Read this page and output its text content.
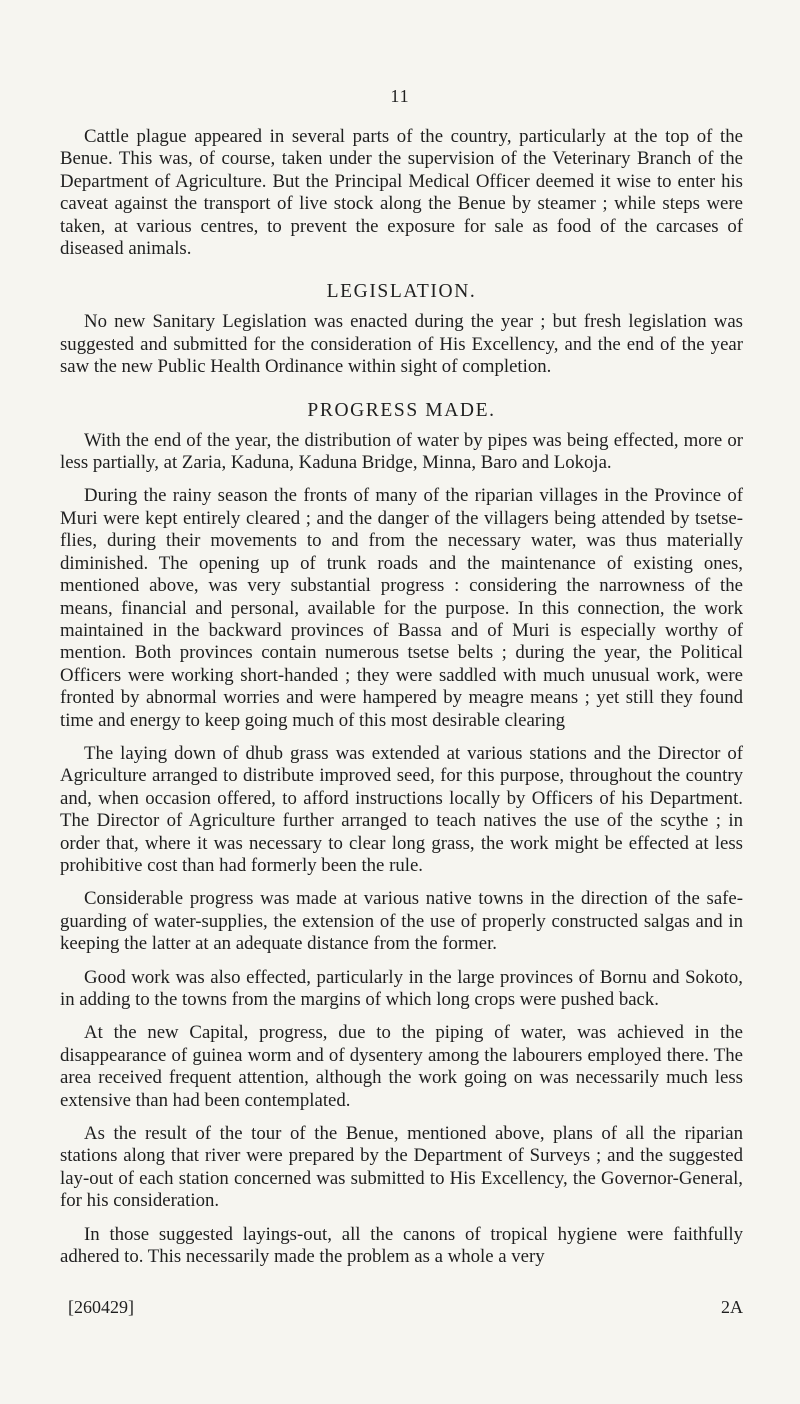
11

Cattle plague appeared in several parts of the country, particularly at the top of the Benue. This was, of course, taken under the supervision of the Veterinary Branch of the Department of Agriculture. But the Principal Medical Officer deemed it wise to enter his caveat against the transport of live stock along the Benue by steamer ; while steps were taken, at various centres, to prevent the exposure for sale as food of the carcases of diseased animals.

LEGISLATION.

No new Sanitary Legislation was enacted during the year ; but fresh legislation was suggested and submitted for the consideration of His Excellency, and the end of the year saw the new Public Health Ordinance within sight of completion.

PROGRESS MADE.

With the end of the year, the distribution of water by pipes was being effected, more or less partially, at Zaria, Kaduna, Kaduna Bridge, Minna, Baro and Lokoja.

During the rainy season the fronts of many of the riparian villages in the Province of Muri were kept entirely cleared ; and the danger of the villagers being attended by tsetse-flies, during their movements to and from the necessary water, was thus materially diminished. The opening up of trunk roads and the maintenance of existing ones, mentioned above, was very substantial progress : considering the narrowness of the means, financial and personal, available for the purpose. In this connection, the work maintained in the backward provinces of Bassa and of Muri is especially worthy of mention. Both provinces contain numerous tsetse belts ; during the year, the Political Officers were working short-handed ; they were saddled with much unusual work, were fronted by abnormal worries and were hampered by meagre means ; yet still they found time and energy to keep going much of this most desirable clearing

The laying down of dhub grass was extended at various stations and the Director of Agriculture arranged to distribute improved seed, for this purpose, throughout the country and, when occasion offered, to afford instructions locally by Officers of his Department. The Director of Agriculture further arranged to teach natives the use of the scythe ; in order that, where it was necessary to clear long grass, the work might be effected at less prohibitive cost than had formerly been the rule.

Considerable progress was made at various native towns in the direction of the safe-guarding of water-supplies, the extension of the use of properly constructed salgas and in keeping the latter at an adequate distance from the former.

Good work was also effected, particularly in the large provinces of Bornu and Sokoto, in adding to the towns from the margins of which long crops were pushed back.

At the new Capital, progress, due to the piping of water, was achieved in the disappearance of guinea worm and of dysentery among the labourers employed there. The area received frequent attention, although the work going on was necessarily much less extensive than had been contemplated.

As the result of the tour of the Benue, mentioned above, plans of all the riparian stations along that river were prepared by the Department of Surveys ; and the suggested lay-out of each station concerned was submitted to His Excellency, the Governor-General, for his consideration.

In those suggested layings-out, all the canons of tropical hygiene were faithfully adhered to. This necessarily made the problem as a whole a very

[260429]	2A
